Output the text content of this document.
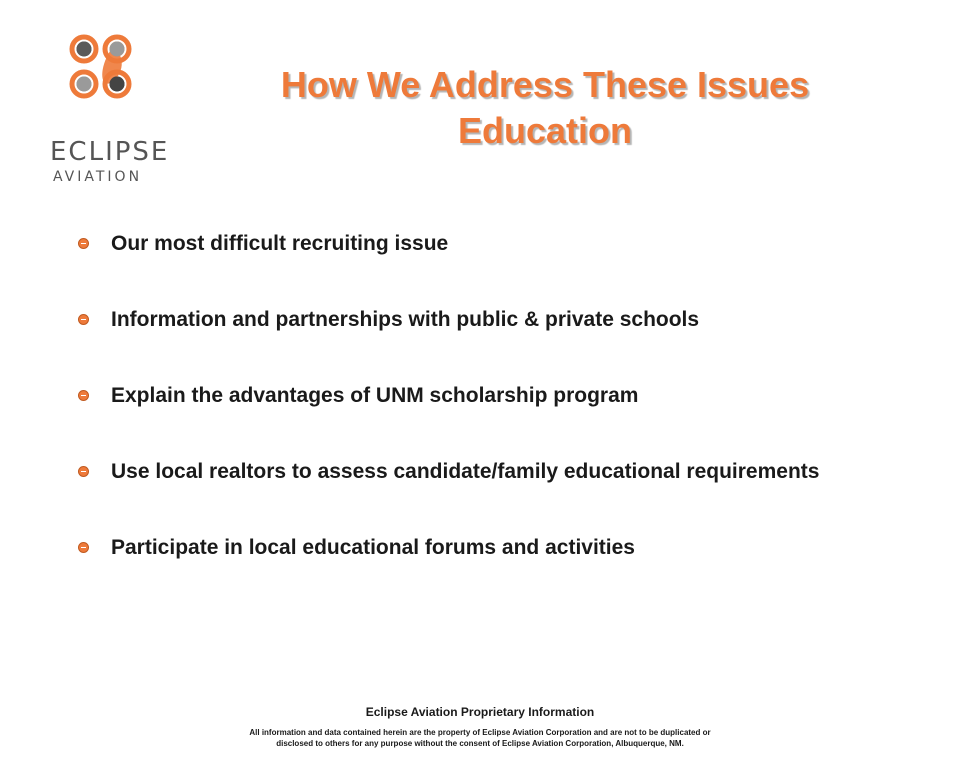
ECLIPSE
AVIATION
How We Address These Issues
Education
Our most difficult recruiting issue
Information and partnerships with public & private schools
Explain the advantages of UNM scholarship program
Use local realtors to assess candidate/family educational requirements
Participate in local educational forums and activities
Eclipse Aviation Proprietary Information
All information and data contained herein are the property of Eclipse Aviation Corporation and are not to be duplicated or
disclosed to others for any purpose without the consent of Eclipse Aviation Corporation, Albuquerque, NM.
